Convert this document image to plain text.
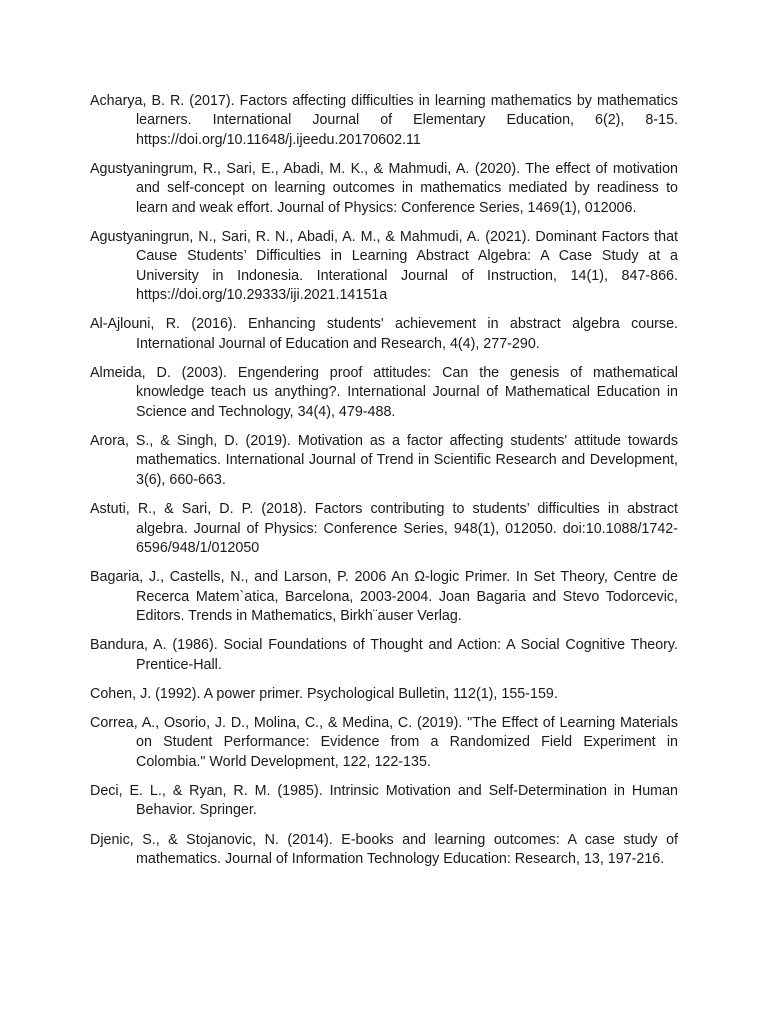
Acharya, B. R. (2017). Factors affecting difficulties in learning mathematics by mathematics learners. International Journal of Elementary Education, 6(2), 8-15. https://doi.org/10.11648/j.ijeedu.20170602.11

Agustyaningrum, R., Sari, E., Abadi, M. K., & Mahmudi, A. (2020). The effect of motivation and self-concept on learning outcomes in mathematics mediated by readiness to learn and weak effort. Journal of Physics: Conference Series, 1469(1), 012006.

Agustyaningrun, N., Sari, R. N., Abadi, A. M., & Mahmudi, A. (2021). Dominant Factors that Cause Students’ Difficulties in Learning Abstract Algebra: A Case Study at a University in Indonesia. Interational Journal of Instruction, 14(1), 847-866. https://doi.org/10.29333/iji.2021.14151a

Al-Ajlouni, R. (2016). Enhancing students' achievement in abstract algebra course. International Journal of Education and Research, 4(4), 277-290.

Almeida, D. (2003). Engendering proof attitudes: Can the genesis of mathematical knowledge teach us anything?. International Journal of Mathematical Education in Science and Technology, 34(4), 479-488.

Arora, S., & Singh, D. (2019). Motivation as a factor affecting students' attitude towards mathematics. International Journal of Trend in Scientific Research and Development, 3(6), 660-663.

Astuti, R., & Sari, D. P. (2018). Factors contributing to students’ difficulties in abstract algebra. Journal of Physics: Conference Series, 948(1), 012050. doi:10.1088/1742-6596/948/1/012050

Bagaria, J., Castells, N., and Larson, P. 2006 An Ω-logic Primer. In Set Theory, Centre de Recerca Matem`atica, Barcelona, 2003-2004. Joan Bagaria and Stevo Todorcevic, Editors. Trends in Mathematics, Birkh¨auser Verlag.

Bandura, A. (1986). Social Foundations of Thought and Action: A Social Cognitive Theory. Prentice-Hall.

Cohen, J. (1992). A power primer. Psychological Bulletin, 112(1), 155-159.

Correa, A., Osorio, J. D., Molina, C., & Medina, C. (2019). "The Effect of Learning Materials on Student Performance: Evidence from a Randomized Field Experiment in Colombia." World Development, 122, 122-135.

Deci, E. L., & Ryan, R. M. (1985). Intrinsic Motivation and Self-Determination in Human Behavior. Springer.

Djenic, S., & Stojanovic, N. (2014). E-books and learning outcomes: A case study of mathematics. Journal of Information Technology Education: Research, 13, 197-216.
